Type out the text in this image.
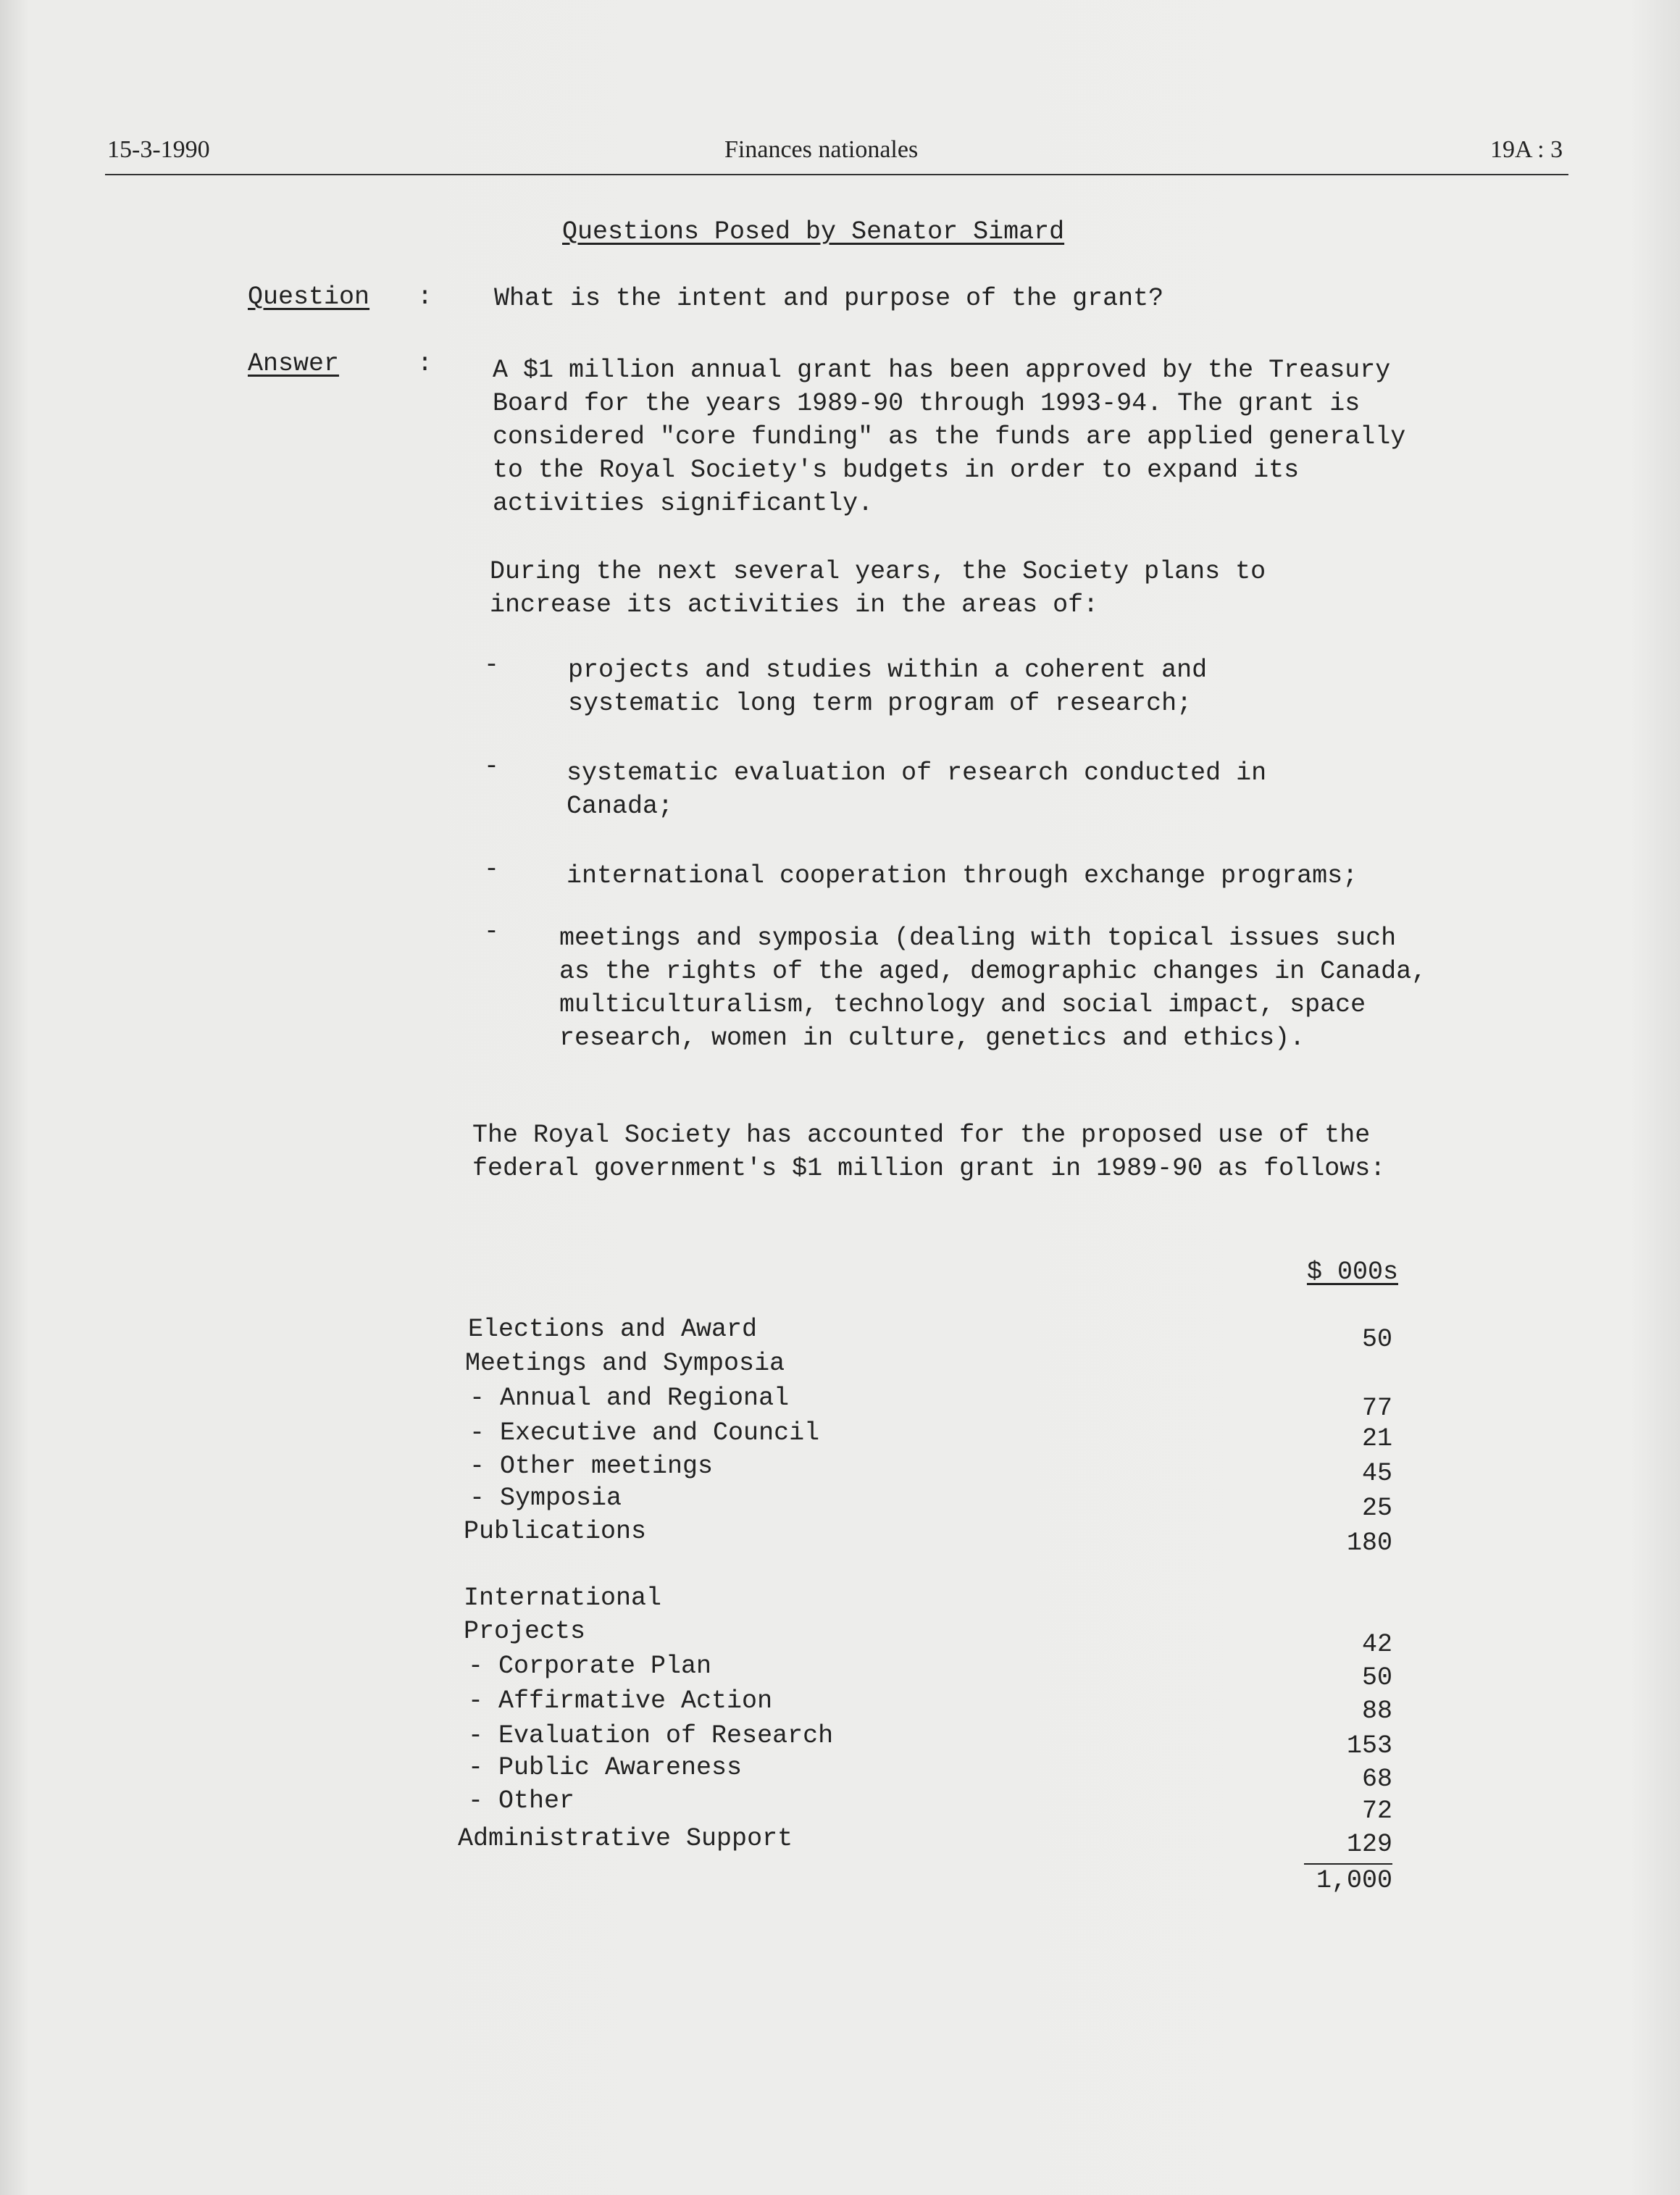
15-3-1990	Finances nationales	19A : 3
Questions Posed by Senator Simard
Question : What is the intent and purpose of the grant?
Answer	: A $1 million annual grant has been approved by the Treasury Board for the years 1989-90 through 1993-94. The grant is considered "core funding" as the funds are applied generally to the Royal Society's budgets in order to expand its activities significantly.
During the next several years, the Society plans to increase its activities in the areas of:
-	projects and studies within a coherent and systematic long term program of research;
-	systematic evaluation of research conducted in Canada;
-	international cooperation through exchange programs;
- meetings and symposia (dealing with topical issues such as the rights of the aged, demographic changes in Canada, multiculturalism, technology and social impact, space research, women in culture, genetics and ethics).
The Royal Society has accounted for the proposed use of the federal government's $1 million grant in 1989-90 as follows:
$ 000s
Elections and Award	50
Meetings and Symposia
- Annual and Regional	77
- Executive and Council	21
- Other meetings	45
- Symposia	25
Publications	180
International
Projects	42
- Corporate Plan	50
- Affirmative Action	88
- Evaluation of Research	153
- Public Awareness	68
- Other	72
Administrative Support	129
1,000
